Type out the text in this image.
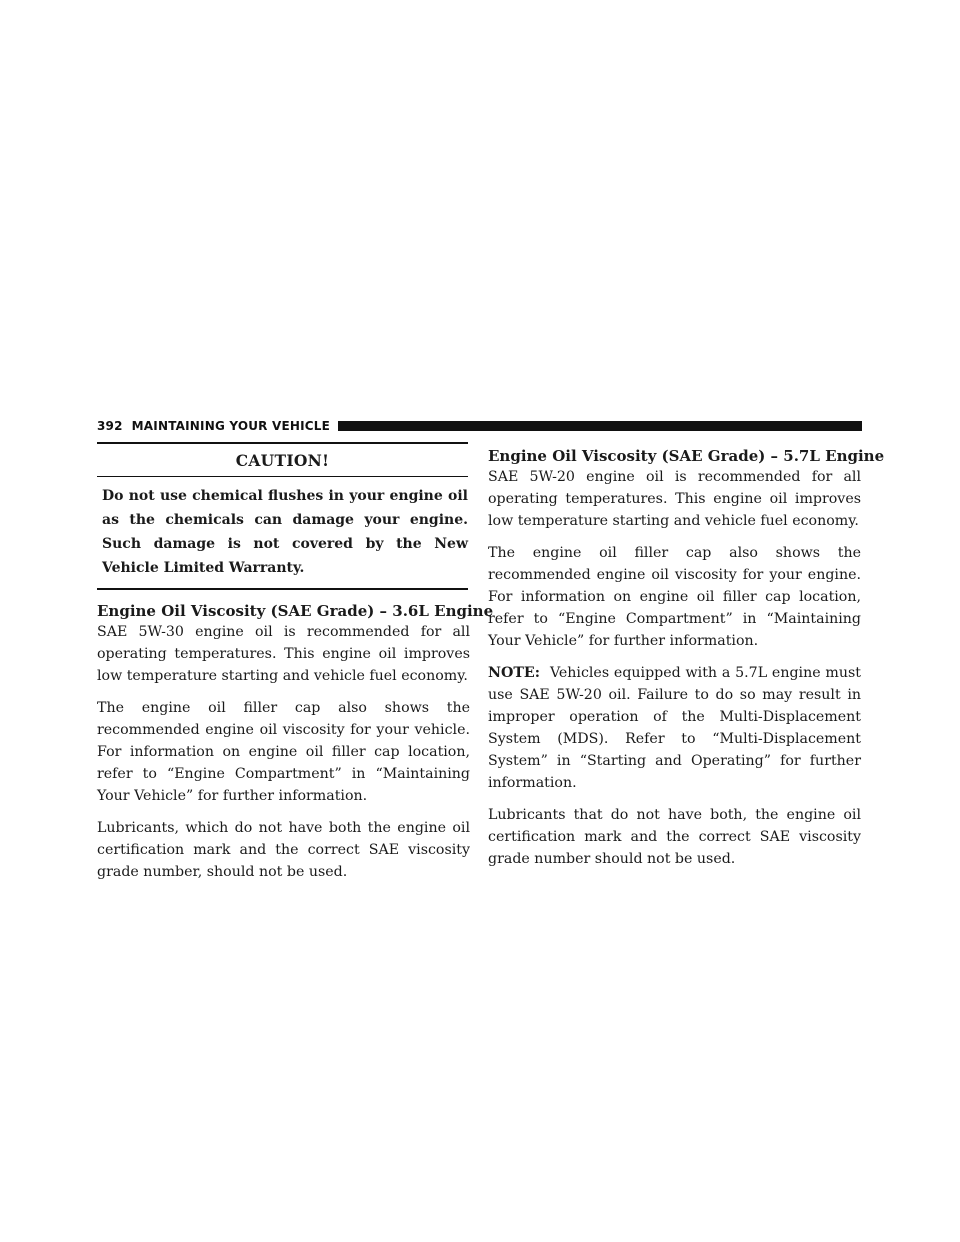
392 MAINTAINING YOUR VEHICLE
CAUTION!
Do not use chemical flushes in your engine oil as the chemicals can damage your engine. Such damage is not covered by the New Vehicle Limited Warranty.
Engine Oil Viscosity (SAE Grade) – 3.6L Engine

SAE 5W-30 engine oil is recommended for all operating temperatures. This engine oil improves low temperature starting and vehicle fuel economy.

The engine oil filler cap also shows the recommended engine oil viscosity for your vehicle. For information on engine oil filler cap location, refer to “Engine Compartment” in “Maintaining Your Vehicle” for further information.

Lubricants, which do not have both the engine oil certification mark and the correct SAE viscosity grade number, should not be used.

Engine Oil Viscosity (SAE Grade) – 5.7L Engine

SAE 5W-20 engine oil is recommended for all operating temperatures. This engine oil improves low temperature starting and vehicle fuel economy.

The engine oil filler cap also shows the recommended engine oil viscosity for your engine. For information on engine oil filler cap location, refer to “Engine Compartment” in “Maintaining Your Vehicle” for further information.

NOTE: Vehicles equipped with a 5.7L engine must use SAE 5W-20 oil. Failure to do so may result in improper operation of the Multi-Displacement System (MDS). Refer to “Multi-Displacement System” in “Starting and Operating” for further information.

Lubricants that do not have both, the engine oil certification mark and the correct SAE viscosity grade number should not be used.
